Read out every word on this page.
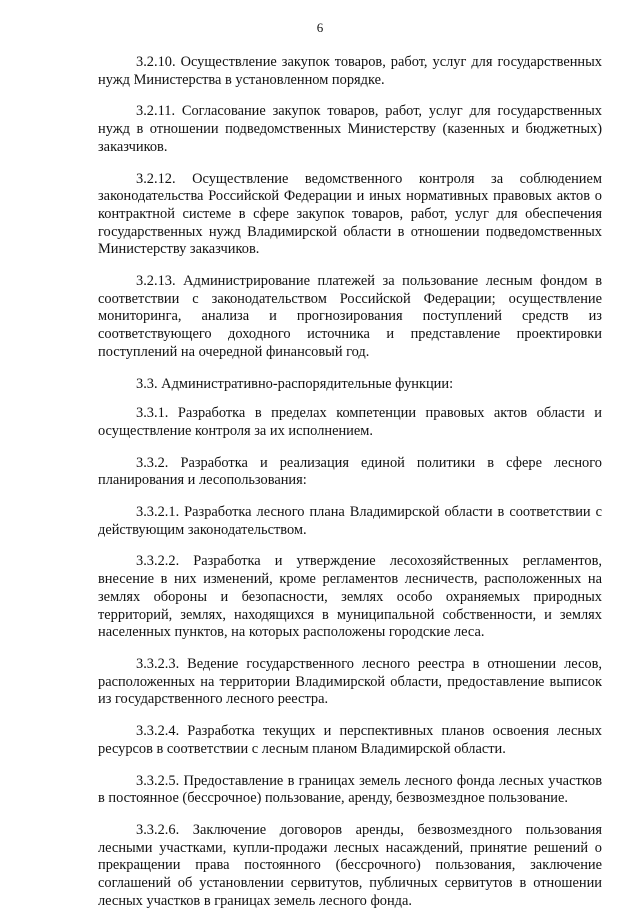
6

3.2.10. Осуществление закупок товаров, работ, услуг для государственных нужд Министерства в установленном порядке.

3.2.11. Согласование закупок товаров, работ, услуг для государственных нужд в отношении подведомственных Министерству (казенных и бюджетных) заказчиков.

3.2.12. Осуществление ведомственного контроля за соблюдением законодательства Российской Федерации и иных нормативных правовых актов о контрактной системе в сфере закупок товаров, работ, услуг для обеспечения государственных нужд Владимирской области в отношении подведомственных Министерству заказчиков.

3.2.13. Администрирование платежей за пользование лесным фондом в соответствии с законодательством Российской Федерации; осуществление мониторинга, анализа и прогнозирования поступлений средств из соответствующего доходного источника и представление проектировки поступлений на очередной финансовый год.

3.3. Административно-распорядительные функции:

3.3.1. Разработка в пределах компетенции правовых актов области и осуществление контроля за их исполнением.

3.3.2. Разработка и реализация единой политики в сфере лесного планирования и лесопользования:

3.3.2.1. Разработка лесного плана Владимирской области в соответствии с действующим законодательством.

3.3.2.2. Разработка и утверждение лесохозяйственных регламентов, внесение в них изменений, кроме регламентов лесничеств, расположенных на землях обороны и безопасности, землях особо охраняемых природных территорий, землях, находящихся в муниципальной собственности, и землях населенных пунктов, на которых расположены городские леса.

3.3.2.3. Ведение государственного лесного реестра в отношении лесов, расположенных на территории Владимирской области, предоставление выписок из государственного лесного реестра.

3.3.2.4. Разработка текущих и перспективных планов освоения лесных ресурсов в соответствии с лесным планом Владимирской области.

3.3.2.5. Предоставление в границах земель лесного фонда лесных участков в постоянное (бессрочное) пользование, аренду, безвозмездное пользование.

3.3.2.6. Заключение договоров аренды, безвозмездного пользования лесными участками, купли-продажи лесных насаждений, принятие решений о прекращении права постоянного (бессрочного) пользования, заключение соглашений об установлении сервитутов, публичных сервитутов в отношении лесных участков в границах земель лесного фонда.
